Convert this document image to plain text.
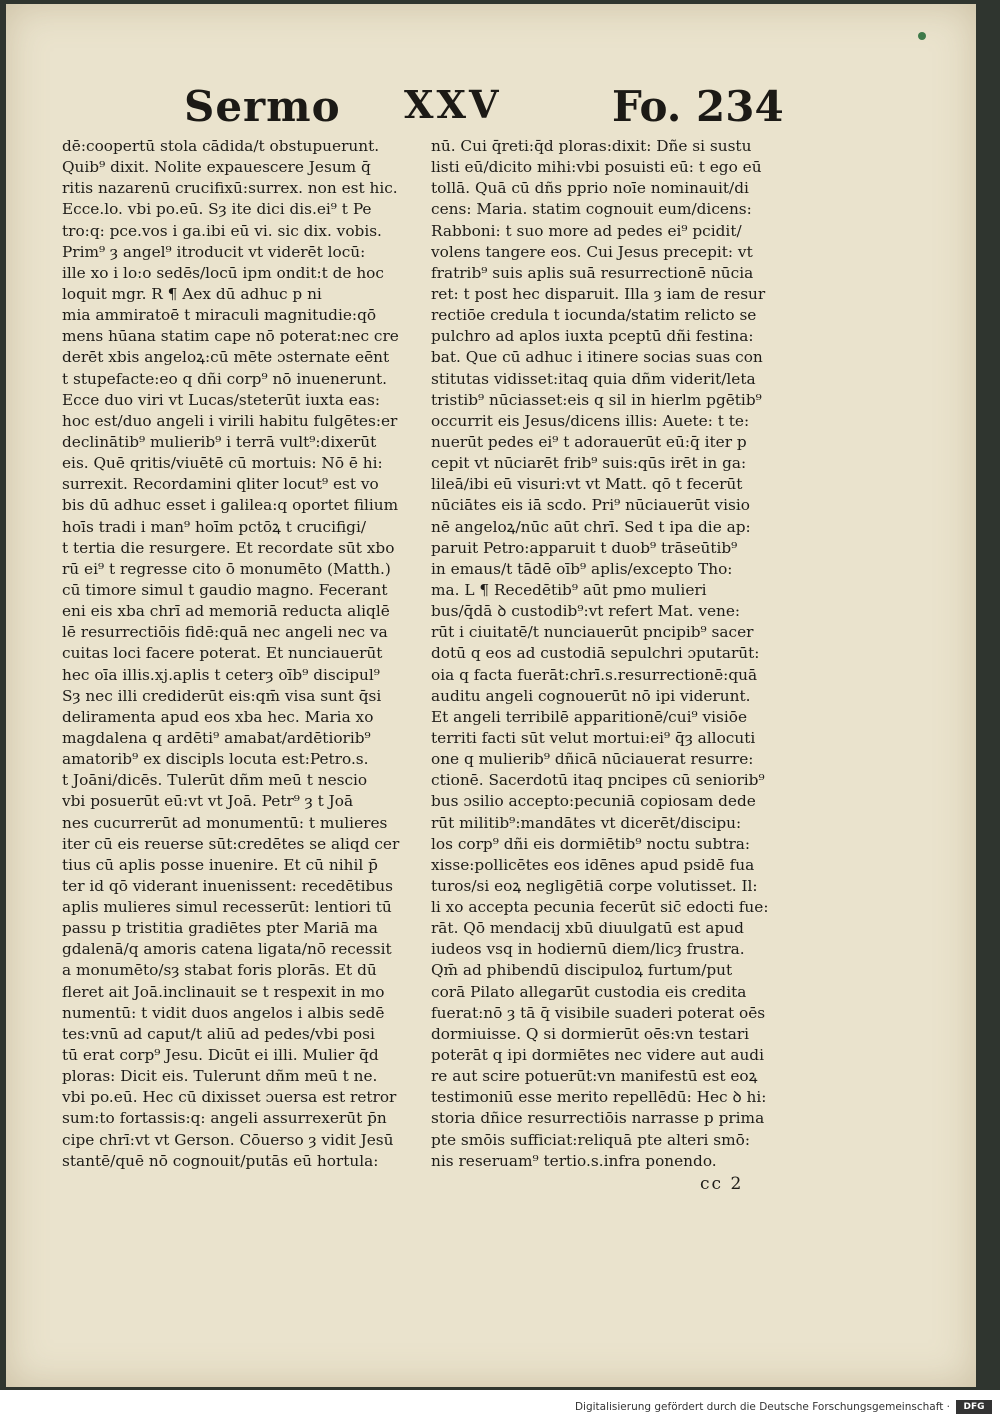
Sermo XXV	Fo. 234
dē:coopertū stola cādida/t obstupuerunt.
Quib⁹ dixit. Nolite expauescere Jesum q̄
ritis nazarenū crucifixū:surrex. non est hic.
Ecce.lo. vbi po.eū. Sȝ ite dici dis.ei⁹ t Pe
tro:q: pce.vos i ga.ibi eū vi. sic dix. vobis.
Prim⁹ ȝ angel⁹ itroducit vt viderēt locū:
ille xo i lo:o sedēs/locū ipm ondit:t de hoc
loquit mgr. R ¶ Aex dū adhuc p ni
mia ammiratoē t miraculi magnitudie:qō
mens hūana statim cape nō poterat:nec cre
derēt xbis angeloꝝ:cū mēte ɔsternate eēnt
t stupefacte:eo q dñi corp⁹ nō inuenerunt.
Ecce duo viri vt Lucas/steterūt iuxta eas:
hoc est/duo angeli i virili habitu fulgētes:er
declinātib⁹ mulierib⁹ i terrā vult⁹:dixerūt
eis. Quē qritis/viuētē cū mortuis: Nō ē hi:
surrexit. Recordamini qliter locut⁹ est vo
bis dū adhuc esset i galilea:q oportet filium
hoīs tradi i man⁹ hoīm pctōꝝ t crucifigi/
t tertia die resurgere. Et recordate sūt xbo
rū ei⁹ t regresse cito ō monumēto (Matth.)
cū timore simul t gaudio magno. Fecerant
eni eis xba chrī ad memoriā reducta aliqlē
lē resurrectiōis fidē:quā nec angeli nec va
cuitas loci facere poterat. Et nunciauerūt
hec oīa illis.xj.aplis t ceterȝ oīb⁹ discipul⁹
Sȝ nec illi crediderūt eis:qm̄ visa sunt q̄si
deliramenta apud eos xba hec. Maria xo
magdalena q ardēti⁹ amabat/ardētiorib⁹
amatorib⁹ ex discipls locuta est:Petro.s.
t Joāni/dicēs. Tulerūt dñm meū t nescio
vbi posuerūt eū:vt vt Joā. Petr⁹ ȝ t Joā
nes cucurrerūt ad monumentū: t mulieres
iter cū eis reuerse sūt:credētes se aliqd cer
tius cū aplis posse inuenire. Et cū nihil p̄
ter id qō viderant inuenissent: recedētibus
aplis mulieres simul recesserūt: lentiori tū
passu p tristitia gradiētes pter Mariā ma
gdalenā/q amoris catena ligata/nō recessit
a monumēto/sȝ stabat foris plorās. Et dū
fleret ait Joā.inclinauit se t respexit in mo
numentū: t vidit duos angelos i albis sedē
tes:vnū ad caput/t aliū ad pedes/vbi posi
tū erat corp⁹ Jesu. Dicūt ei illi. Mulier q̄d
ploras: Dicit eis. Tulerunt dñm meū t ne.
vbi po.eū. Hec cū dixisset ɔuersa est retror
sum:to fortassis:q: angeli assurrexerūt p̄n
cipe chrī:vt vt Gerson. Cōuerso ȝ vidit Jesū
stantē/quē nō cognouit/putās eū hortula:
nū. Cui q̄reti:q̄d ploras:dixit: Dñe si sustu
listi eū/dicito mihi:vbi posuisti eū: t ego eū
tollā. Quā cū dñs pprio noīe nominauit/di
cens: Maria. statim cognouit eum/dicens:
Rabboni: t suo more ad pedes ei⁹ pcidit/
volens tangere eos. Cui Jesus precepit: vt
fratrib⁹ suis aplis suā resurrectionē nūcia
ret: t post hec disparuit. Illa ȝ iam de resur
rectiōe credula t iocunda/statim relicto se
pulchro ad aplos iuxta pceptū dñi festina:
bat. Que cū adhuc i itinere socias suas con
stitutas vidisset:itaq quia dñm viderit/leta
tristib⁹ nūciasset:eis q sil in hierlm pgētib⁹
occurrit eis Jesus/dicens illis: Auete: t te:
nuerūt pedes ei⁹ t adorauerūt eū:q̄ iter p
cepit vt nūciarēt frib⁹ suis:qūs irēt in ga:
lileā/ibi eū visuri:vt vt Matt. qō t fecerūt
nūciātes eis iā scdo. Pri⁹ nūciauerūt visio
nē angeloꝝ/nūc aūt chrī. Sed t ipa die ap:
paruit Petro:apparuit t duob⁹ trāseūtib⁹
in emaus/t tādē oīb⁹ aplis/excepto Tho:
ma. L ¶ Recedētib⁹ aūt pmo mulieri
bus/q̄dā ꝺ custodib⁹:vt refert Mat. vene:
rūt i ciuitatē/t nunciauerūt pncipib⁹ sacer
dotū q eos ad custodiā sepulchri ɔputarūt:
oia q facta fuerāt:chrī.s.resurrectionē:quā
auditu angeli cognouerūt nō ipi viderunt.
Et angeli terribilē apparitionē/cui⁹ visiōe
territi facti sūt velut mortui:ei⁹ q̄ȝ allocuti
one q mulierib⁹ dñicā nūciauerat resurre:
ctionē. Sacerdotū itaq pncipes cū seniorib⁹
bus ɔsilio accepto:pecuniā copiosam dede
rūt militib⁹:mandātes vt dicerēt/discipu:
los corp⁹ dñi eis dormiētib⁹ noctu subtra:
xisse:pollicētes eos idēnes apud psidē fua
turos/si eoꝝ negligētiā corpe volutisset. Il:
li xo accepta pecunia fecerūt sic̄ edocti fue:
rāt. Qō mendacij xbū diuulgatū est apud
iudeos vsq in hodiernū diem/licȝ frustra.
Qm̄ ad phibendū discipuloꝝ furtum/put
corā Pilato allegarūt custodia eis credita
fuerat:nō ȝ tā q̄ visibile suaderi poterat oēs
dormiuisse. Q si dormierūt oēs:vn testari
poterāt q ipi dormiētes nec videre aut audi
re aut scire potuerūt:vn manifestū est eoꝝ
testimoniū esse merito repellēdū: Hec ꝺ hi:
storia dñice resurrectiōis narrasse p prima
pte smōis sufficiat:reliquā pte alteri smō:
nis reseruam⁹ tertio.s.infra ponendo.
cc 2
Digitalisierung gefördert durch die Deutsche Forschungsgemeinschaft ·	DFG
